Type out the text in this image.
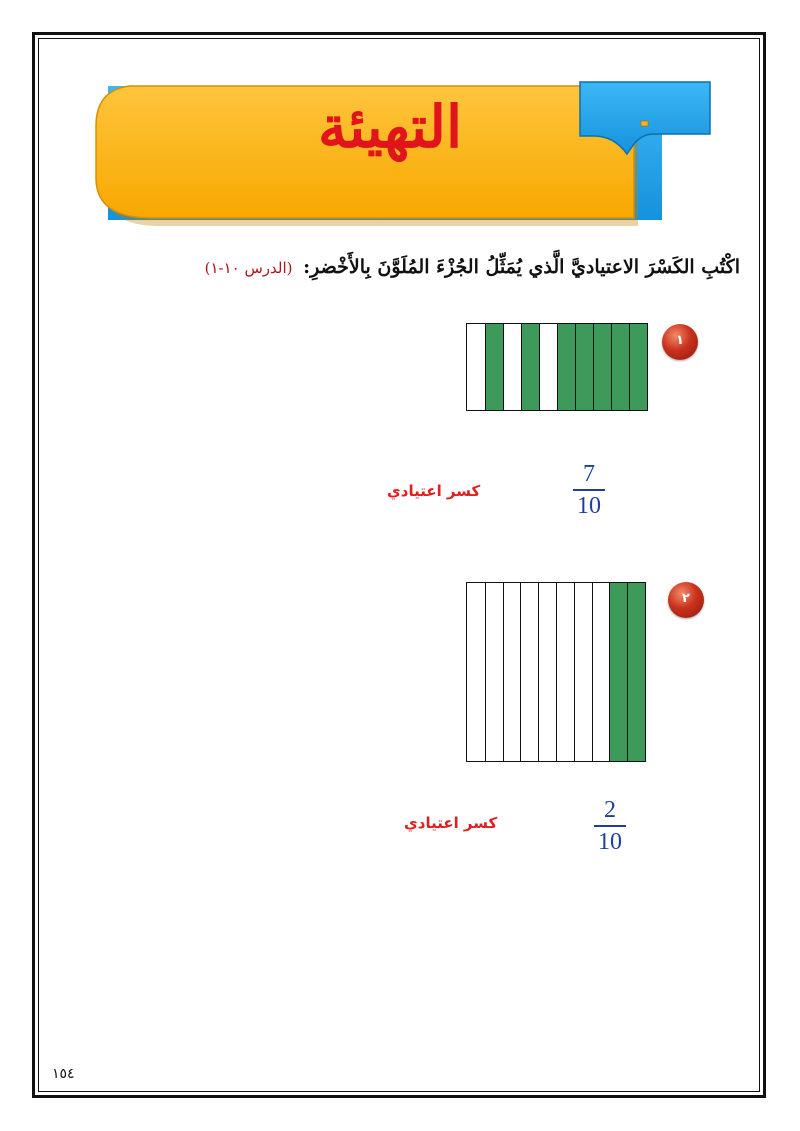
التهيئة
اكْتُبِ الكَسْرَ الاعتياديَّ الَّذي يُمَثِّلُ الجُزْءَ المُلَوَّنَ بِالأَخْضرِ: (الدرس ١٠-١)
١
7
10
كسر اعتيادي
٢
2
10
كسر اعتيادي
١٥٤
